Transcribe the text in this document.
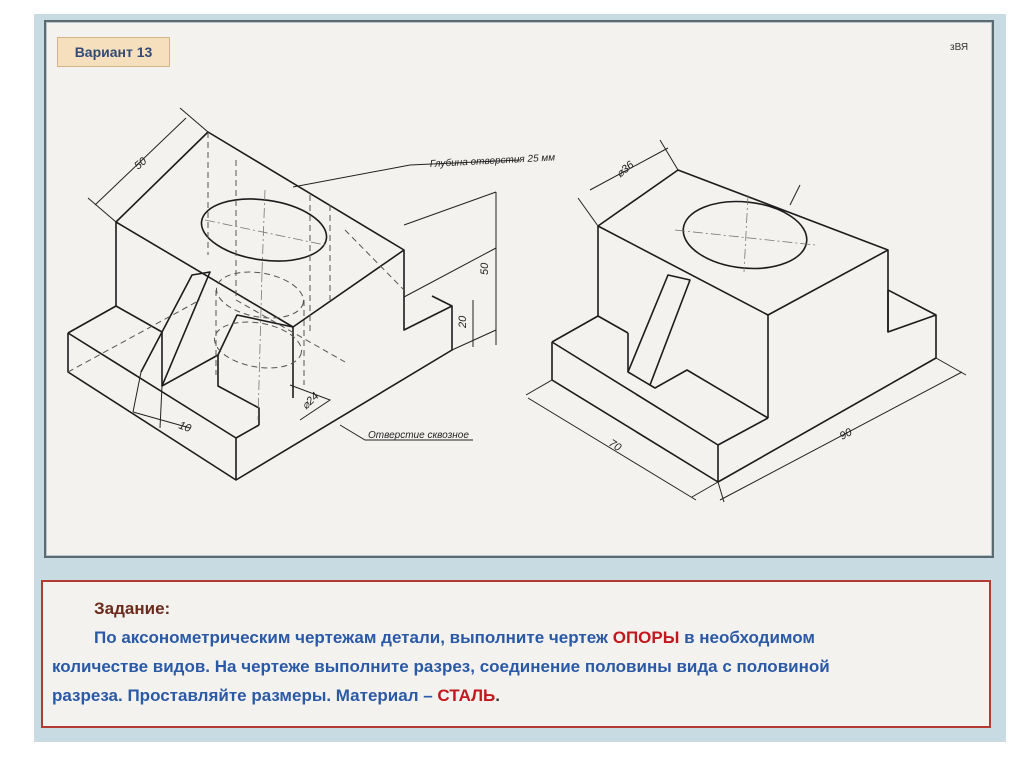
Вариант 13	зВЯ
50
50
20
⌀24
10
Глубина отверстия 25 мм
Отверстие сквозное
⌀36
70
90
Задание:
По аксонометрическим чертежам детали, выполните чертеж ОПОРЫ в необходимом
количестве видов. На чертеже выполните разрез, соединение половины вида с половиной
разреза. Проставляйте размеры. Материал – СТАЛЬ.
